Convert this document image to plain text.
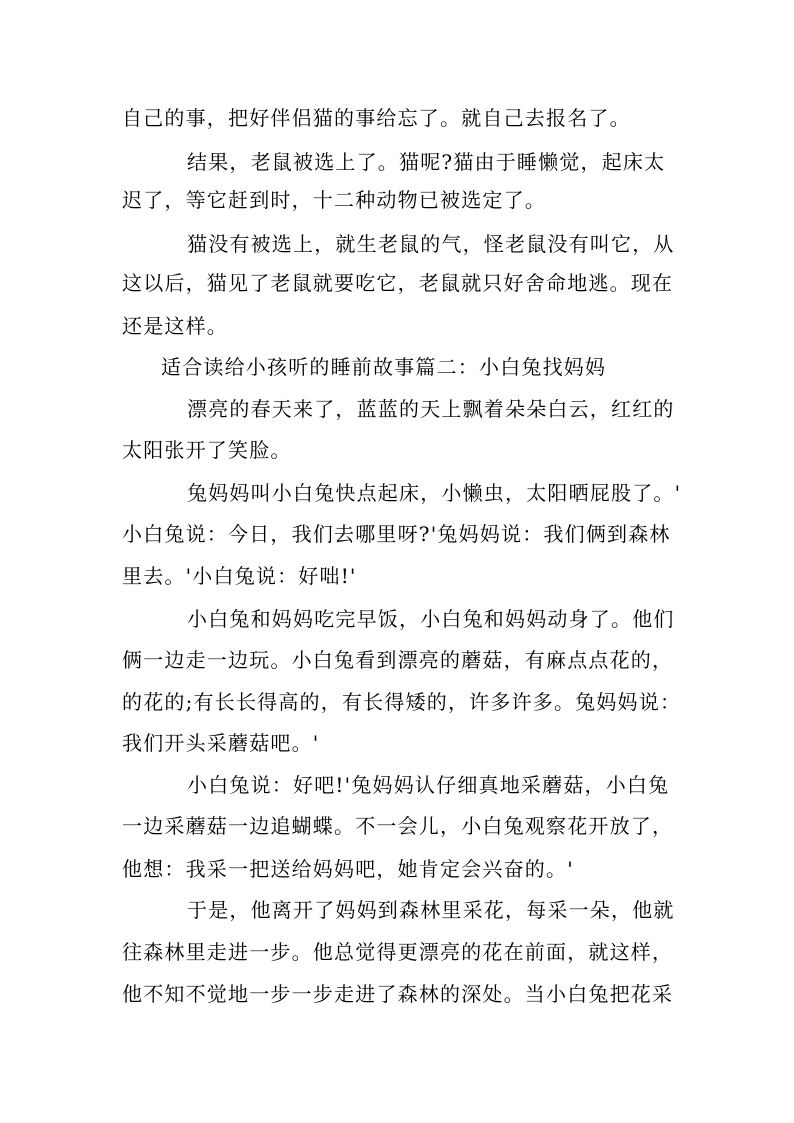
自己的事，把好伴侣猫的事给忘了。就自己去报名了。
结果，老鼠被选上了。猫呢?猫由于睡懒觉，起床太
迟了，等它赶到时，十二种动物已被选定了。
猫没有被选上，就生老鼠的气，怪老鼠没有叫它，从
这以后，猫见了老鼠就要吃它，老鼠就只好舍命地逃。现在
还是这样。
适合读给小孩听的睡前故事篇二：小白兔找妈妈
漂亮的春天来了，蓝蓝的天上飘着朵朵白云，红红的
太阳张开了笑脸。
兔妈妈叫小白兔快点起床，小懒虫，太阳晒屁股了。'
小白兔说：今日，我们去哪里呀?'兔妈妈说：我们俩到森林
里去。'小白兔说：好咄!'
小白兔和妈妈吃完早饭，小白兔和妈妈动身了。他们
俩一边走一边玩。小白兔看到漂亮的蘑菇，有麻点点花的，
的花的;有长长得高的，有长得矮的，许多许多。兔妈妈说：
我们开头采蘑菇吧。'
小白兔说：好吧!'兔妈妈认仔细真地采蘑菇，小白兔
一边采蘑菇一边追蝴蝶。不一会儿，小白兔观察花开放了，
他想：我采一把送给妈妈吧，她肯定会兴奋的。'
于是，他离开了妈妈到森林里采花，每采一朵，他就
往森林里走进一步。他总觉得更漂亮的花在前面，就这样，
他不知不觉地一步一步走进了森林的深处。当小白兔把花采
